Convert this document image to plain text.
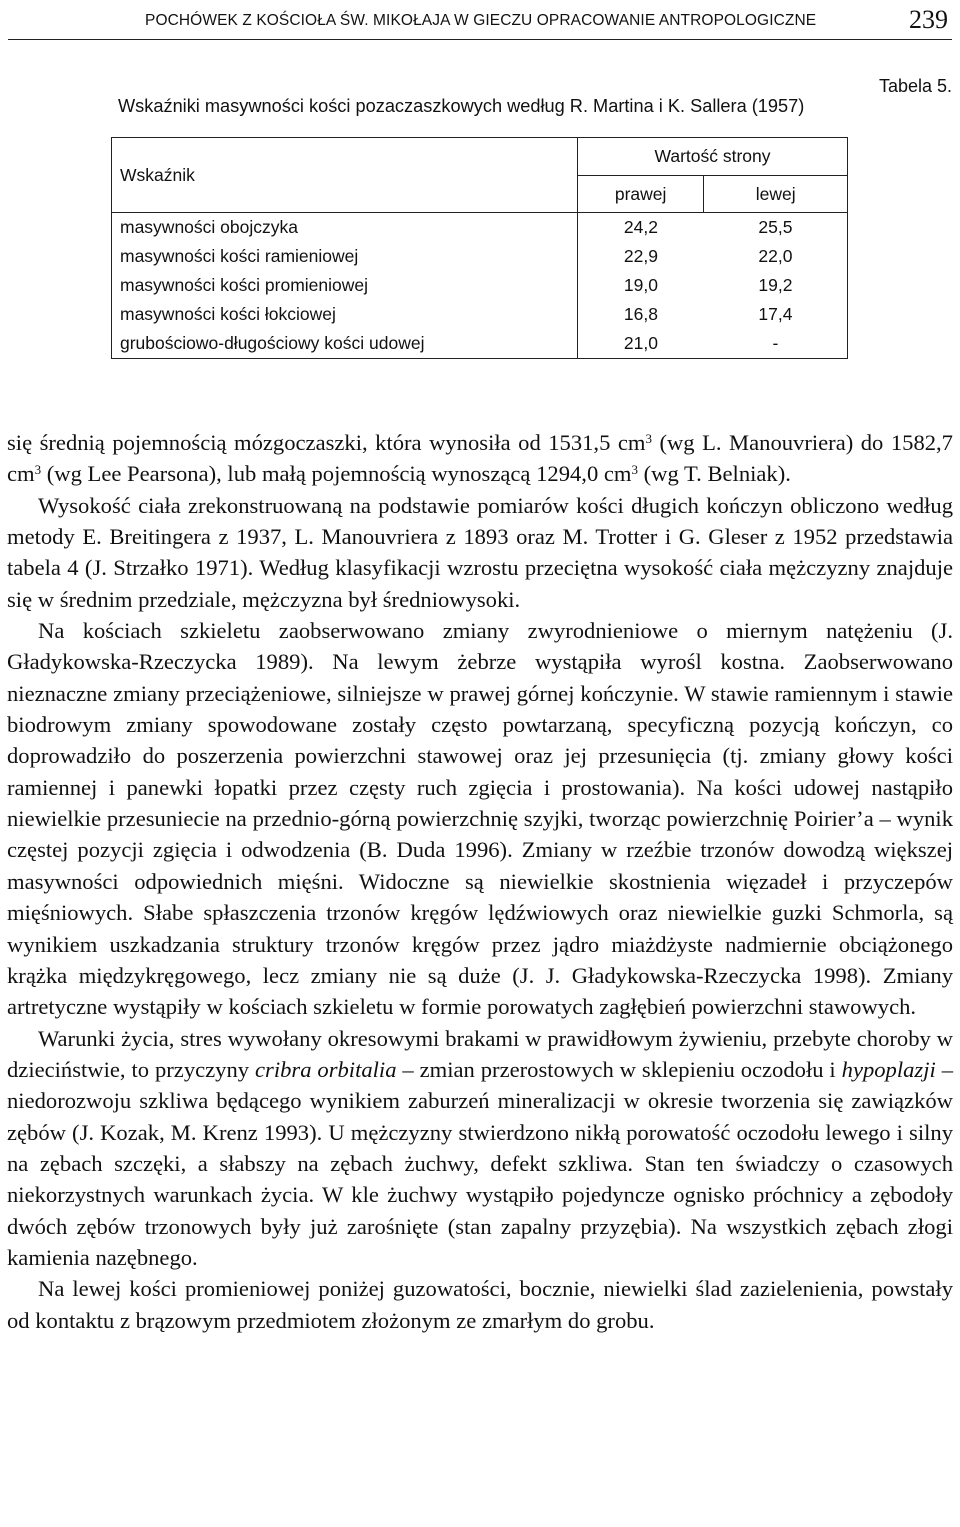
POCHÓWEK Z KOŚCIOŁA ŚW. MIKOŁAJA W GIECZU OPRACOWANIE ANTROPOLOGICZNE	239
Tabela 5.
Wskaźniki masywności kości pozaczaszkowych według R. Martina i K. Sallera (1957)
Wskaźnik	Wartość strony	
	prawej	lewej
masywności obojczyka	24,2	25,5
masywności kości ramieniowej	22,9	22,0
masywności kości promieniowej	19,0	19,2
masywności kości łokciowej	16,8	17,4
grubościowo-długościowy kości udowej	21,0	-

się średnią pojemnością mózgoczaszki, która wynosiła od 1531,5 $cm^3$ (wg L. Manouvriera) do 1582,7 $cm^3$ (wg Lee Pearsona), lub małą pojemnością wynoszącą 1294,0 $cm^3$ (wg T. Belniak).

Wysokość ciała zrekonstruowaną na podstawie pomiarów kości długich kończyn obliczono według metody E. Breitingera z 1937, L. Manouvriera z 1893 oraz M. Trotter i G. Gleser z 1952 przedstawia tabela 4 (J. Strzałko 1971). Według klasyfikacji wzrostu przeciętna wysokość ciała mężczyzny znajduje się w średnim przedziale, mężczyzna był średniowysoki.

Na kościach szkieletu zaobserwowano zmiany zwyrodnieniowe o miernym natężeniu (J. Gładykowska-Rzeczycka 1989). Na lewym żebrze wystąpiła wyrośl kostna. Zaobserwowano nieznaczne zmiany przeciążeniowe, silniejsze w prawej górnej kończynie. W stawie ramiennym i stawie biodrowym zmiany spowodowane zostały często powtarzaną, specyficzną pozycją kończyn, co doprowadziło do poszerzenia powierzchni stawowej oraz jej przesunięcia (tj. zmiany głowy kości ramiennej i panewki łopatki przez częsty ruch zgięcia i prostowania). Na kości udowej nastąpiło niewielkie przesuniecie na przednio-górną powierzchnię szyjki, tworząc powierzchnię Poirier’a – wynik częstej pozycji zgięcia i odwodzenia (B. Duda 1996). Zmiany w rzeźbie trzonów dowodzą większej masywności odpowiednich mięśni. Widoczne są niewielkie skostnienia więzadeł i przyczepów mięśniowych. Słabe spłaszczenia trzonów kręgów lędźwiowych oraz niewielkie guzki Schmorla, są wynikiem uszkadzania struktury trzonów kręgów przez jądro miażdżyste nadmiernie obciążonego krążka międzykręgowego, lecz zmiany nie są duże (J. J. Gładykowska-Rzeczycka 1998). Zmiany artretyczne wystąpiły w kościach szkieletu w formie porowatych zagłębień powierzchni stawowych.

Warunki życia, stres wywołany okresowymi brakami w prawidłowym żywieniu, przebyte choroby w dzieciństwie, to przyczyny cribra orbitalia – zmian przerostowych w sklepieniu oczodołu i hypoplazji – niedorozwoju szkliwa będącego wynikiem zaburzeń mineralizacji w okresie tworzenia się zawiązków zębów (J. Kozak, M. Krenz 1993). U mężczyzny stwierdzono nikłą porowatość oczodołu lewego i silny na zębach szczęki, a słabszy na zębach żuchwy, defekt szkliwa. Stan ten świadczy o czasowych niekorzystnych warunkach życia. W kle żuchwy wystąpiło pojedyncze ognisko próchnicy a zębodoły dwóch zębów trzonowych były już zarośnięte (stan zapalny przyzębia). Na wszystkich zębach złogi kamienia nazębnego.

Na lewej kości promieniowej poniżej guzowatości, bocznie, niewielki ślad zazielenienia, powstały od kontaktu z brązowym przedmiotem złożonym ze zmarłym do grobu.
